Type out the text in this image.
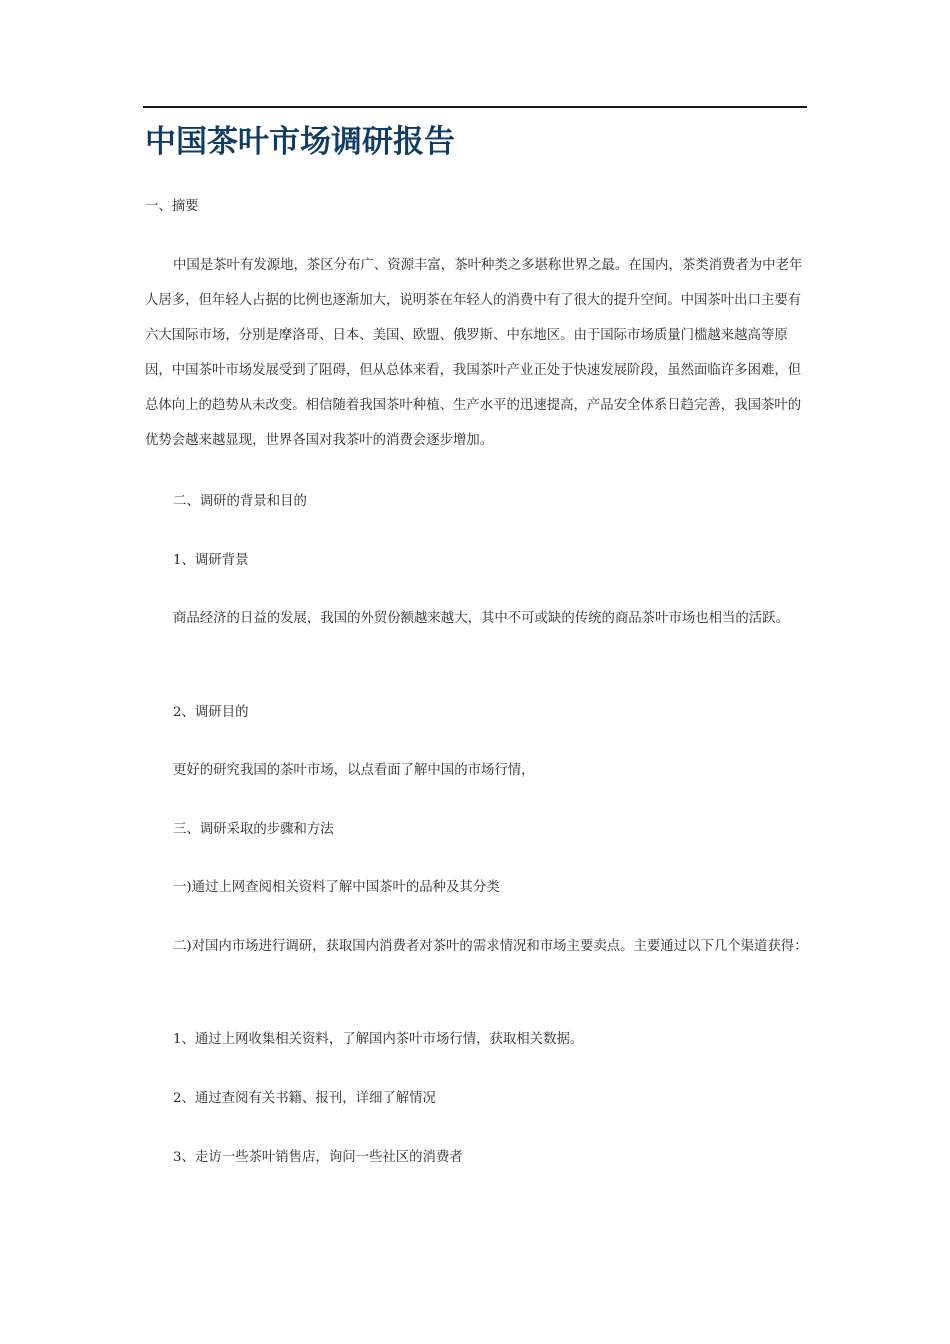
中国茶叶市场调研报告

一、摘要

中国是茶叶有发源地，茶区分布广、资源丰富，茶叶种类之多堪称世界之最。在国内，茶类消费者为中老年人居多，但年轻人占据的比例也逐渐加大，说明茶在年轻人的消费中有了很大的提升空间。中国茶叶出口主要有六大国际市场，分别是摩洛哥、日本、美国、欧盟、俄罗斯、中东地区。由于国际市场质量门槛越来越高等原因，中国茶叶市场发展受到了阻碍，但从总体来看，我国茶叶产业正处于快速发展阶段，虽然面临许多困难，但总体向上的趋势从未改变。相信随着我国茶叶种植、生产水平的迅速提高，产品安全体系日趋完善，我国茶叶的优势会越来越显现，世界各国对我茶叶的消费会逐步增加。

二、调研的背景和目的

1、调研背景

商品经济的日益的发展，我国的外贸份额越来越大，其中不可或缺的传统的商品茶叶市场也相当的活跃。

2、调研目的

更好的研究我国的茶叶市场，以点看面了解中国的市场行情，

三、调研采取的步骤和方法

一)通过上网查阅相关资料了解中国茶叶的品种及其分类

二)对国内市场进行调研，获取国内消费者对茶叶的需求情况和市场主要卖点。主要通过以下几个渠道获得：

1、通过上网收集相关资料，了解国内茶叶市场行情，获取相关数据。

2、通过查阅有关书籍、报刊，详细了解情况

3、走访一些茶叶销售店，询问一些社区的消费者
